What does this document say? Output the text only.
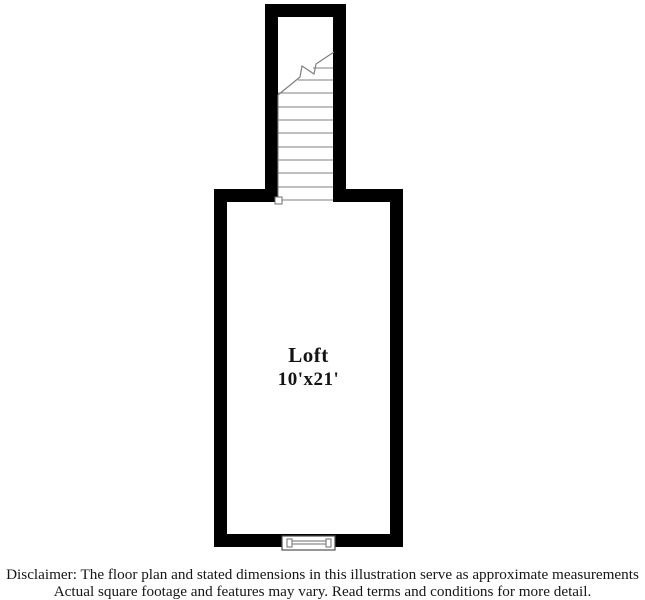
Loft
10'x21'
Disclaimer: The floor plan and stated dimensions in this illustration serve as approximate measurements
Actual square footage and features may vary. Read terms and conditions for more detail.
